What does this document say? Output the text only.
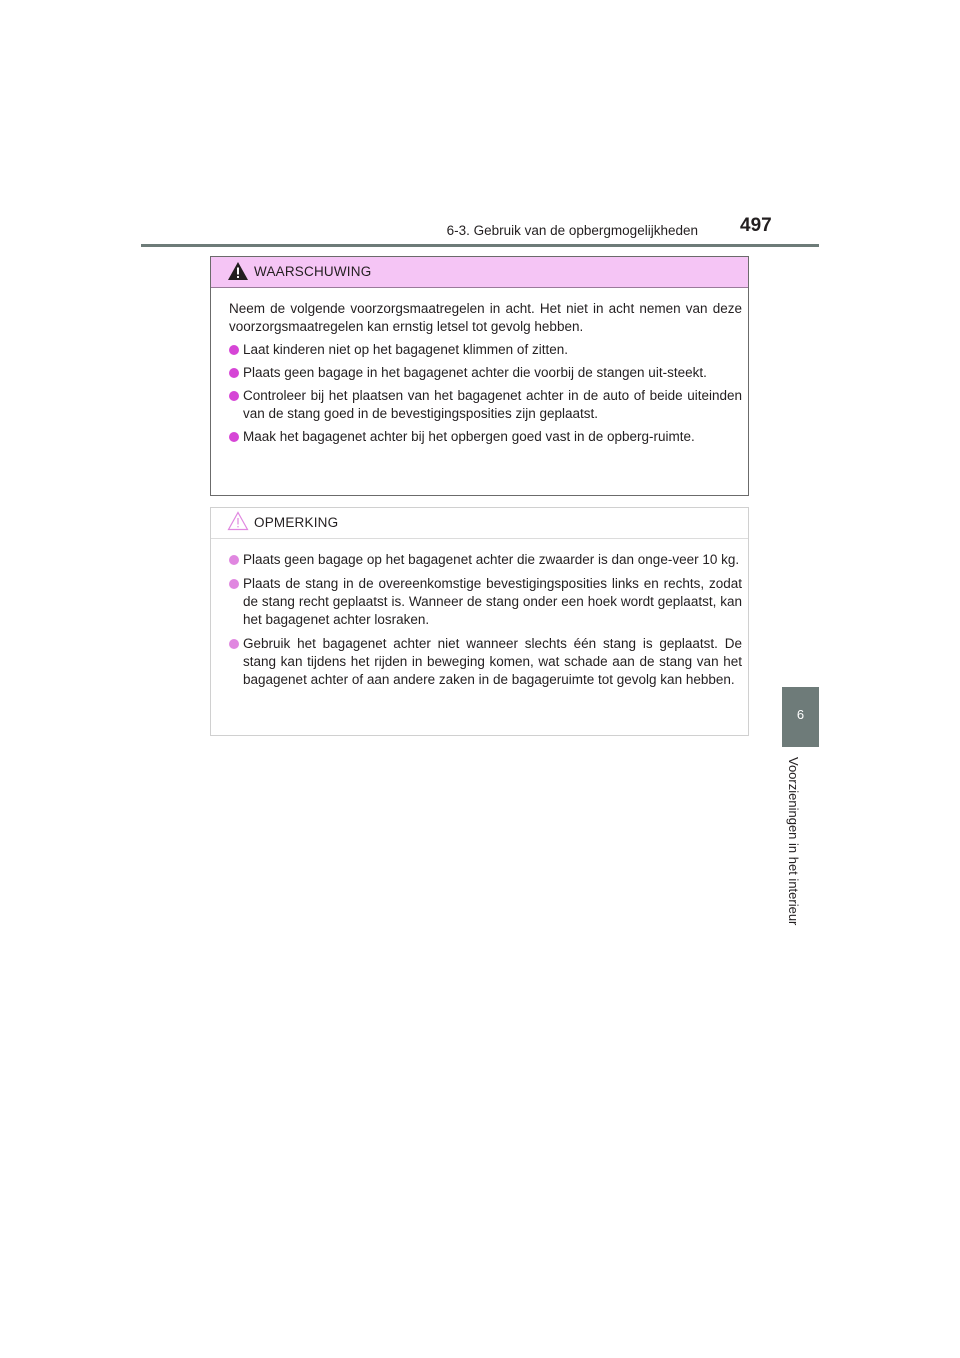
6-3. Gebruik van de opbergmogelijkheden 497
6
Voorzieningen in het interieur
WAARSCHUWING

Neem de volgende voorzorgsmaatregelen in acht. Het niet in acht nemen van deze voorzorgsmaatregelen kan ernstig letsel tot gevolg hebben.

Laat kinderen niet op het bagagenet klimmen of zitten.
Plaats geen bagage in het bagagenet achter die voorbij de stangen uit-steekt.
Controleer bij het plaatsen van het bagagenet achter in de auto of beide uiteinden van de stang goed in de bevestigingsposities zijn geplaatst.
Maak het bagagenet achter bij het opbergen goed vast in de opberg-ruimte.
OPMERKING
Plaats geen bagage op het bagagenet achter die zwaarder is dan onge-veer 10 kg.
Plaats de stang in de overeenkomstige bevestigingsposities links en rechts, zodat de stang recht geplaatst is. Wanneer de stang onder een hoek wordt geplaatst, kan het bagagenet achter losraken.
Gebruik het bagagenet achter niet wanneer slechts één stang is geplaatst. De stang kan tijdens het rijden in beweging komen, wat schade aan de stang van het bagagenet achter of aan andere zaken in de bagageruimte tot gevolg kan hebben.
